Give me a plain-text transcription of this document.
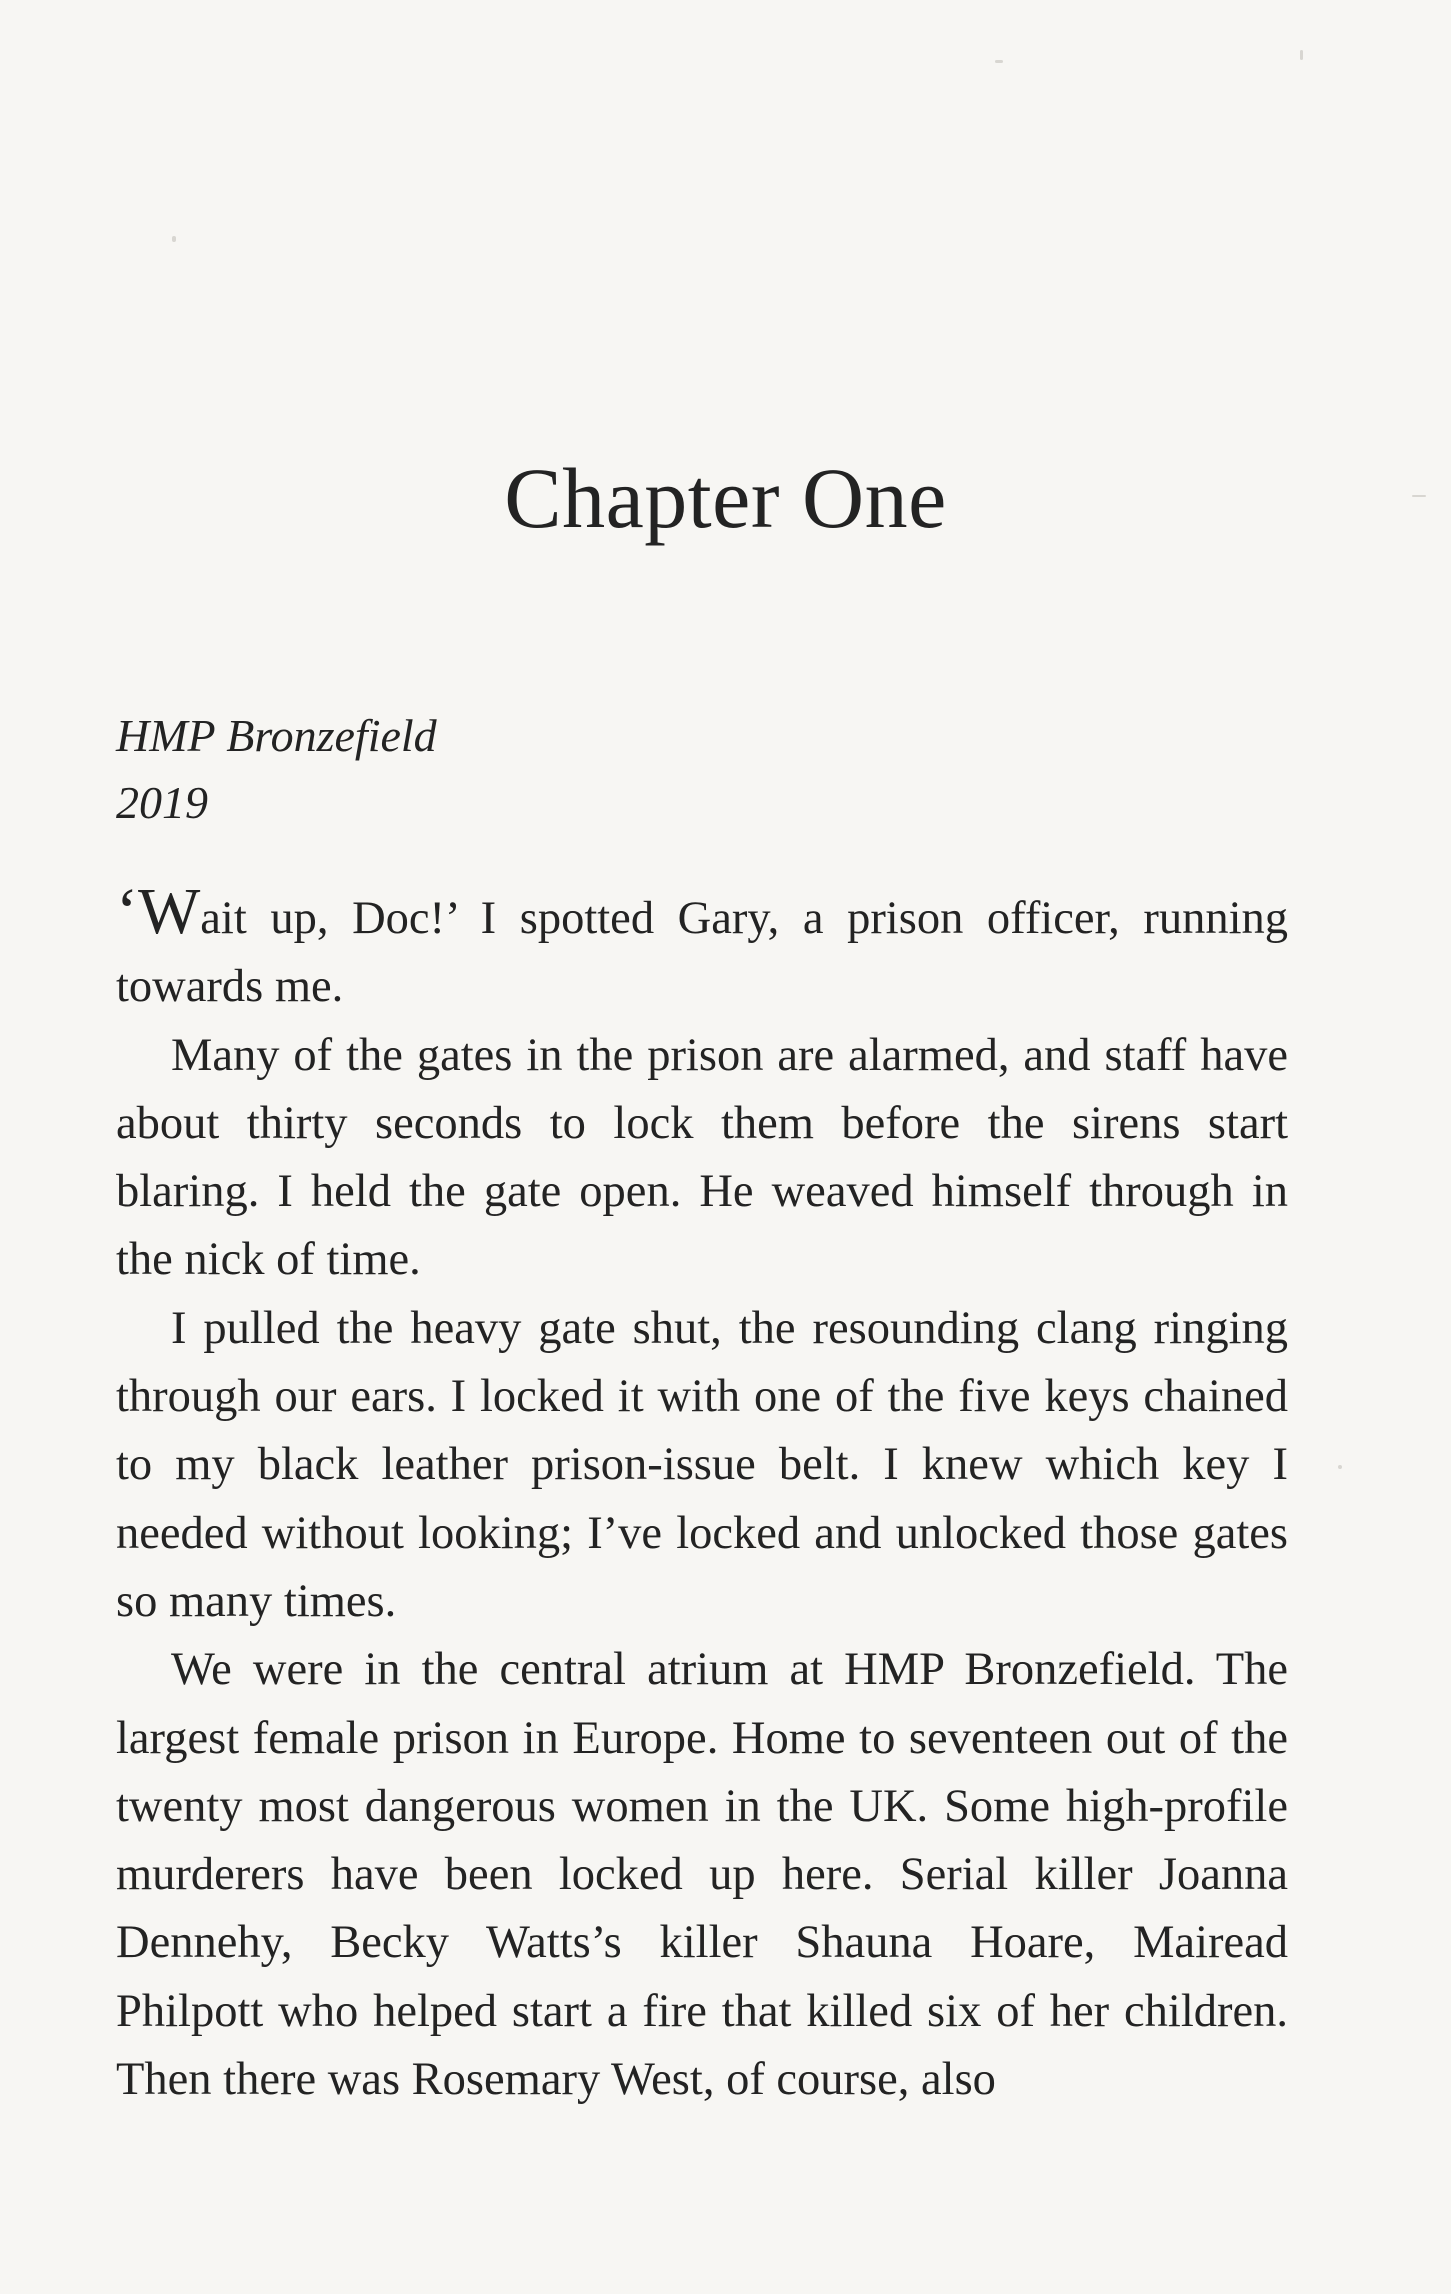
Chapter One
HMP Bronzefield
2019

‘Wait up, Doc!’ I spotted Gary, a prison officer, running towards me.

Many of the gates in the prison are alarmed, and staff have about thirty seconds to lock them before the sirens start blaring. I held the gate open. He weaved himself through in the nick of time.

I pulled the heavy gate shut, the resounding clang ringing through our ears. I locked it with one of the five keys chained to my black leather prison-issue belt. I knew which key I needed without looking; I’ve locked and unlocked those gates so many times.

We were in the central atrium at HMP Bronzefield. The largest female prison in Europe. Home to seventeen out of the twenty most dangerous women in the UK. Some high-profile murderers have been locked up here. Serial killer Joanna Dennehy, Becky Watts’s killer Shauna Hoare, Mairead Philpott who helped start a fire that killed six of her children. Then there was Rosemary West, of course, also
